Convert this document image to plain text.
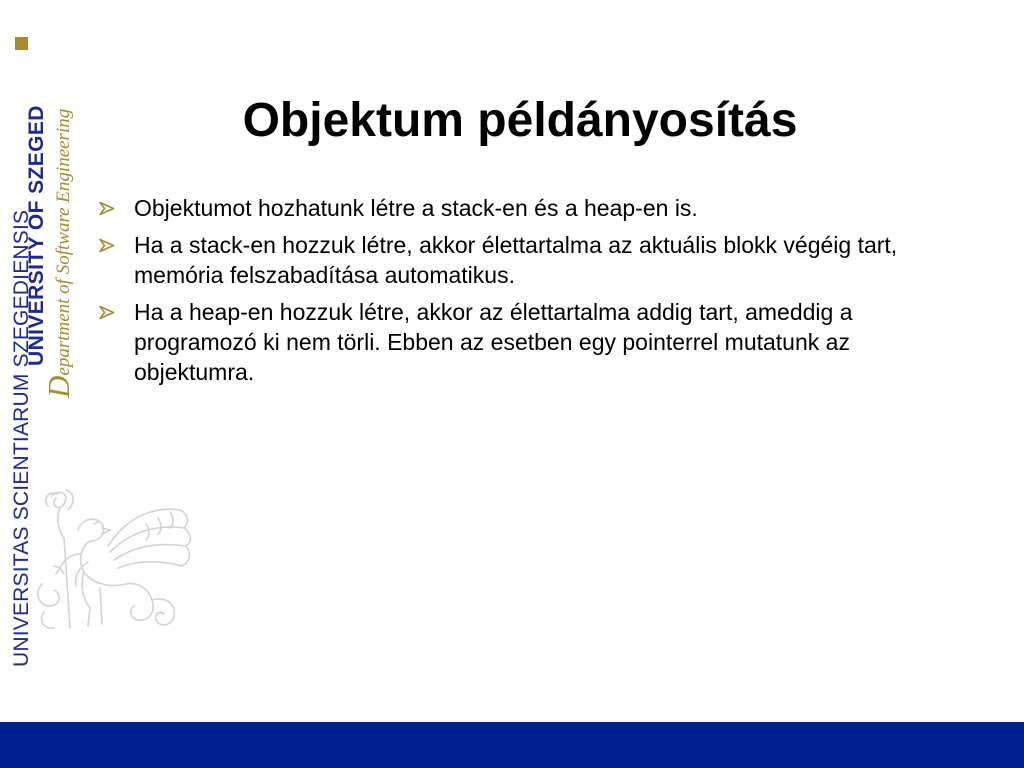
UNIVERSITAS SCIENTIARUM SZEGEDIENSIS
UNIVERSITY OF SZEGED
Department of Software Engineering	Objektum példányosítás
Objektumot hozhatunk létre a stack-en és a heap-en is.
Ha a stack-en hozzuk létre, akkor élettartalma az aktuális blokk végéig tart, memória felszabadítása automatikus.
Ha a heap-en hozzuk létre, akkor az élettartalma addig tart, ameddig a programozó ki nem törli. Ebben az esetben egy pointerrel mutatunk az objektumra.
